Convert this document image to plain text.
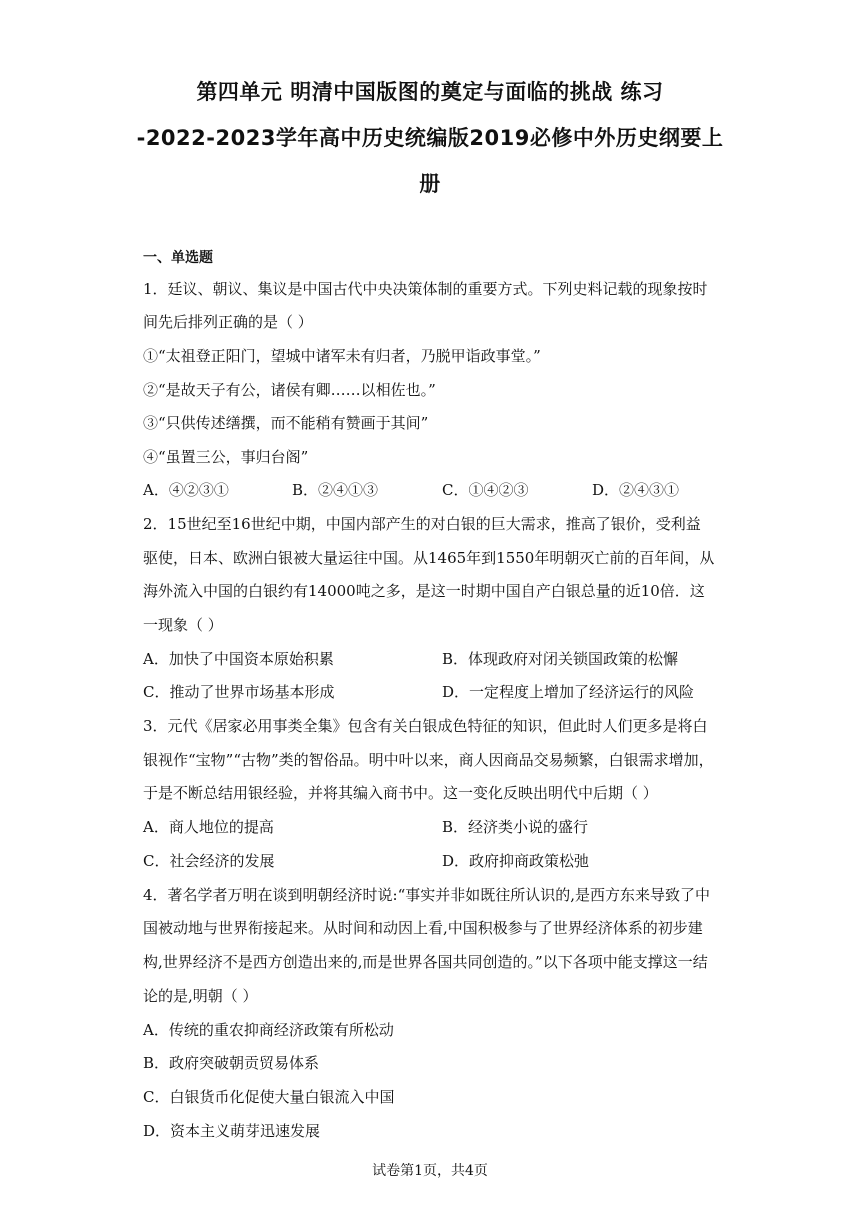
第四单元 明清中国版图的奠定与面临的挑战 练习
-2022-2023学年高中历史统编版2019必修中外历史纲要上
册
一、单选题
1．廷议、朝议、集议是中国古代中央决策体制的重要方式。下列史料记载的现象按时
间先后排列正确的是（ ）
①“太祖登正阳门，望城中诸军未有归者，乃脱甲诣政事堂。”
②“是故天子有公，诸侯有卿……以相佐也。”
③“只供传述缮撰，而不能稍有赞画于其间”
④“虽置三公，事归台阁”
A．④②③①	B．②④①③	C．①④②③	D．②④③①
2．15世纪至16世纪中期，中国内部产生的对白银的巨大需求，推高了银价，受利益
驱使，日本、欧洲白银被大量运往中国。从1465年到1550年明朝灭亡前的百年间，从
海外流入中国的白银约有14000吨之多，是这一时期中国自产白银总量的近10倍．这
一现象（ ）
A．加快了中国资本原始积累	B．体现政府对闭关锁国政策的松懈
C．推动了世界市场基本形成	D．一定程度上增加了经济运行的风险
3．元代《居家必用事类全集》包含有关白银成色特征的知识，但此时人们更多是将白
银视作“宝物”“古物”类的智俗品。明中叶以来，商人因商品交易频繁，白银需求增加，
于是不断总结用银经验，并将其编入商书中。这一变化反映出明代中后期（ ）
A．商人地位的提高	B．经济类小说的盛行
C．社会经济的发展	D．政府抑商政策松弛
4．著名学者万明在谈到明朝经济时说:“事实并非如既往所认识的,是西方东来导致了中
国被动地与世界衔接起来。从时间和动因上看,中国积极参与了世界经济体系的初步建
构,世界经济不是西方创造出来的,而是世界各国共同创造的。”以下各项中能支撑这一结
论的是,明朝（ ）
A．传统的重农抑商经济政策有所松动
B．政府突破朝贡贸易体系
C．白银货币化促使大量白银流入中国
D．资本主义萌芽迅速发展
试卷第1页，共4页
